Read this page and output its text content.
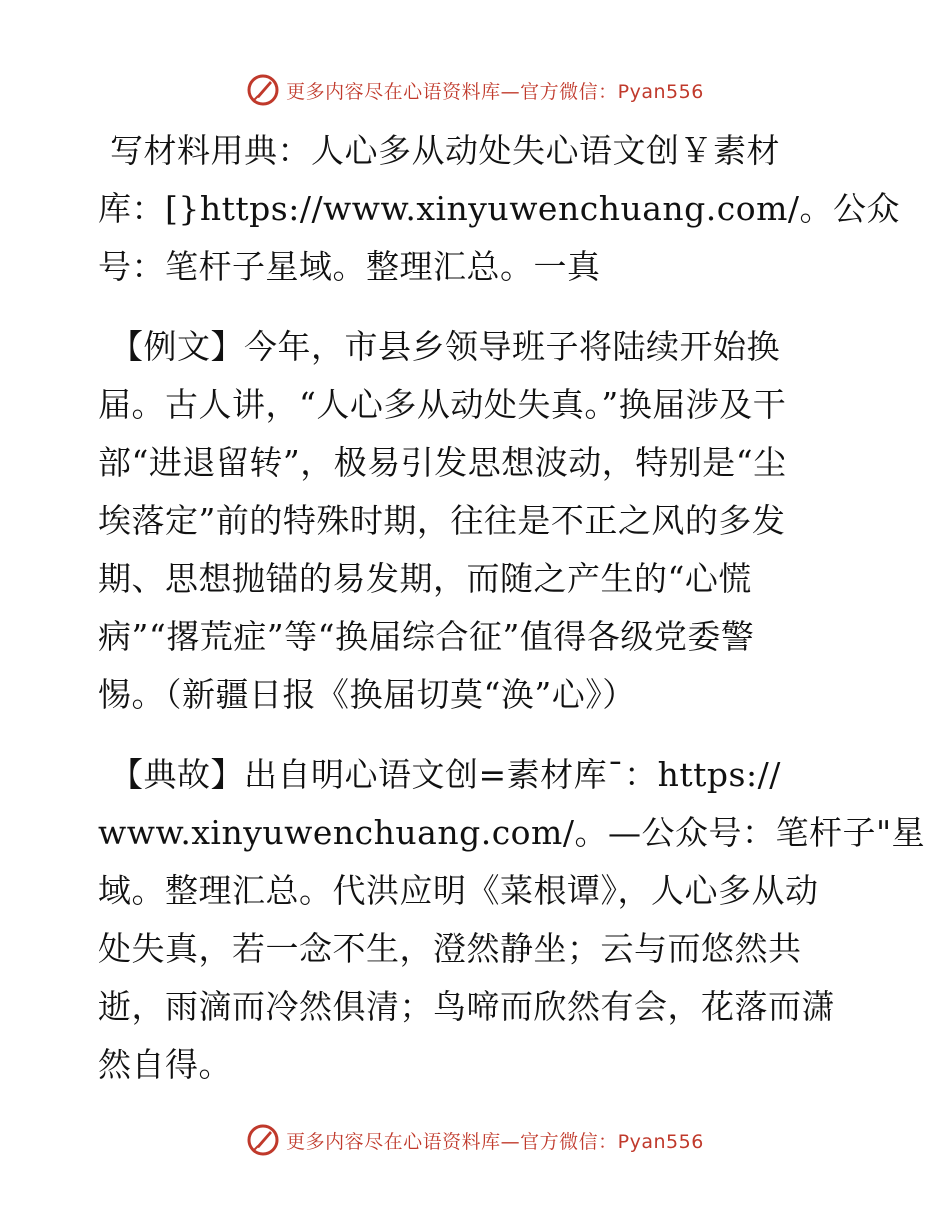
更多内容尽在心语资料库—官方微信：Pyan556
写材料用典：人心多从动处失心语文创￥素材
库：[}https://www.xinyuwenchuang.com/。公众
号：笔杆子星域。整理汇总。一真
【例文】今年，市县乡领导班子将陆续开始换
届。古人讲，“人心多从动处失真。”换届涉及干
部“进退留转”，极易引发思想波动，特别是“尘
埃落定”前的特殊时期，往往是不正之风的多发
期、思想抛锚的易发期，而随之产生的“心慌
病”“撂荒症”等“换届综合征”值得各级党委警
惕。（新疆日报《换届切莫“涣”心》）
【典故】出自明心语文创=素材库¯：https://
www.xinyuwenchuang.com/。—公众号：笔杆子"星
域。整理汇总。代洪应明《菜根谭》，人心多从动
处失真，若一念不生，澄然静坐；云与而悠然共
逝，雨滴而冷然俱清；鸟啼而欣然有会，花落而潇
然自得。
更多内容尽在心语资料库—官方微信：Pyan556
